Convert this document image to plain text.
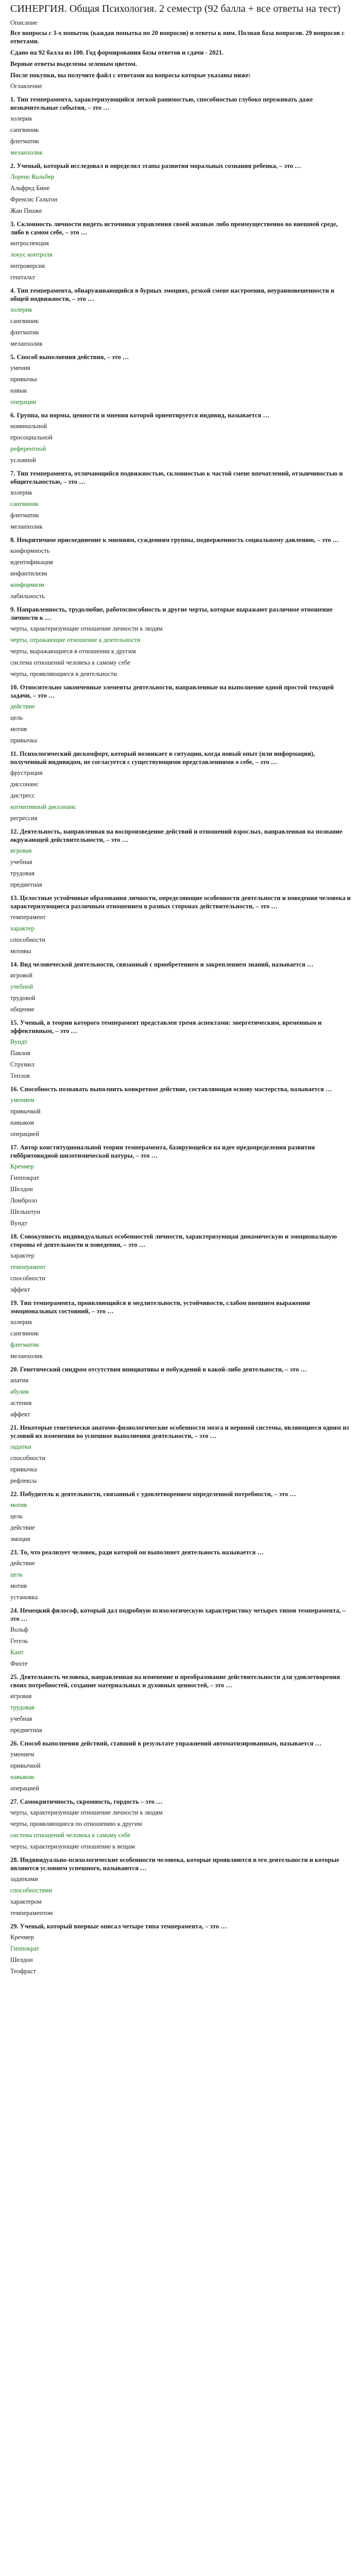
СИНЕРГИЯ. Общая Психология. 2 семестр (92 балла + все ответы на тест)
Описание

Все вопросы с 3-х попыток (каждая попытка по 20 вопросов) и ответы к ним. Полная база вопросов. 29 вопросов с ответами.

Сдано на 92 балла из 100. Год формирования базы ответов и сдачи - 2021.

Верные ответы выделены зеленым цветом.

После покупки, вы получите файл с ответами на вопросы которые указаны ниже:

Оглавление
1. Тип темперамента, характеризующийся легкой ранимостью, способностью глубоко переживать даже незначительные события, – это …
холерик
сангвиник
флегматик
меланхолик
2. Ученый, который исследовал и определил этапы развития моральных сознания ребенка, – это …
Лоренс Кольбер
Альфред Бине
Френсис Гальтон
Жан Пиаже
3. Склонность личности видеть источники управления своей жизнью либо преимущественно во внешней среде, либо в самом себе, – это …
интроспекция
локус контроля
интроверсия
гештальт
4. Тип темперамента, обнаруживающийся в бурных эмоциях, резкой смене настроения, неуравновешенности и общей подвижности, – это …
холерик
сангвиник
флегматик
меланхолик
5. Способ выполнения действия, – это …
умения
привычка
навык
операции
6. Группа, на нормы, ценности и мнения которой ориентируется индивид, называется …
номинальной
просоциальной
референтной
условной
7. Тип темперамента, отличающийся подвижностью, склонностью к частой смене впечатлений, отзывчивостью и общительностью, – это …
холерик
сангвиник
флегматик
меланхолик
8. Некритичное присоединение к мнениям, суждениям группы, подверженность социальному давлению, – это …
конформность
идентификация
инфантилизм
конформизм
лабильность
9. Направленность, трудолюбие, работоспособность и другие черты, которые выражают различное отношение личности к …
черты, характеризующие отношение личности к людям
черты, отражающие отношение к деятельности
черты, выражающиеся в отношении к другим
система отношений человека к самому себе
черты, проявляющиеся в деятельности
10. Относительно законченные элементы деятельности, направленные на выполнение одной простой текущей задачи, – это …
действие
цель
мотив
привычка
11. Психологический дискомфорт, который возникает в ситуации, когда новый опыт (или информация), полученный индивидом, не согласуется с существующими представлениями о себе, – это …
фрустрация
диссонанс
дистресс
когнитивный диссонанс
регрессия
12. Деятельность, направленная на воспроизведение действий и отношений взрослых, направленная на познание окружающей действительности, – это …
игровая
учебная
трудовая
предметная
13. Целостные устойчивые образования личности, определяющие особенности деятельности и поведения человека и характеризующиеся различным отношением в разных сторонах действительности, – это …
темперамент
характер
способности
мотивы
14. Вид человеческой деятельности, связанный с приобретением и закреплением знаний, называется …
игровой
учебной
трудовой
общение
15. Ученый, в теории которого темперамент представлен тремя аспектами: энергетическим, временным и эффективным, – это …
Вундт
Павлов
Струмил
Теплов
16. Способность познавать выполнить конкретное действие, составляющая основу мастерства, называется …
умением
привычкой
навыком
операцией
17. Автор конституциональной теории темперамента, базирующейся на идее предопределения развития гиббритовидной шизотимической натуры, – это …
Кречмер
Гиппократ
Шелдон
Ломброзо
Шельштун
Вундт
18. Совокупность индивидуальных особенностей личности, характеризующая динамическую и эмоциональную стороны её деятельности и поведения, – это …
характер
темперамент
способности
эффект
19. Тип темперамента, проявляющийся в медлительности, устойчивости, слабом внешнем выражении эмоциональных состояний, – это …
холерик
сангвиник
флегматик
меланхолик
20. Генетический синдром отсутствия инициативы и побуждений в какой-либо деятельности, – это …
апатия
абулия
астения
аффект
21. Некоторые генетически анатомо-физиологические особенности мозга и нервной системы, являющиеся одним из условий их изменения во успешное выполнения деятельности, – это …
задатки
способности
привычка
рефлексы
22. Побудитель к деятельности, связанный с удовлетворением определенной потребности, – это …
мотив
цель
действие
эмоция
23. То, что реализует человек, ради которой он выполняет деятельность называется …
действие
цель
мотив
установка
24. Немецкий философ, который дал подробную психологическую характеристику четырех типов темперамента, – это …
Вольф
Гегель
Кант
Фихте
25. Деятельность человека, направленная на изменение и преобразование действительности для удовлетворения своих потребностей, создание материальных и духовных ценностей, – это …
игровая
трудовая
учебная
предметная
26. Способ выполнения действий, ставший в результате упражнений автоматизированным, называется …
умением
привычкой
навыком
операцией
27. Самокритичность, скромность, гордость – это …
черты, характеризующие отношение личности к людям
черты, проявляющиеся по отношению к другим
система отношений человека к самому себе
черты, характеризующие отношение к вещам
28. Индивидуально-психологические особенности человека, которые проявляются в его деятельности и которые являются условием успешного, называются …
задатками
способностями
характером
темпераментом
29. Ученый, который впервые описал четыре типа темперамента, – это …
Кречмер
Гиппократ
Шелдон
Теофраст
